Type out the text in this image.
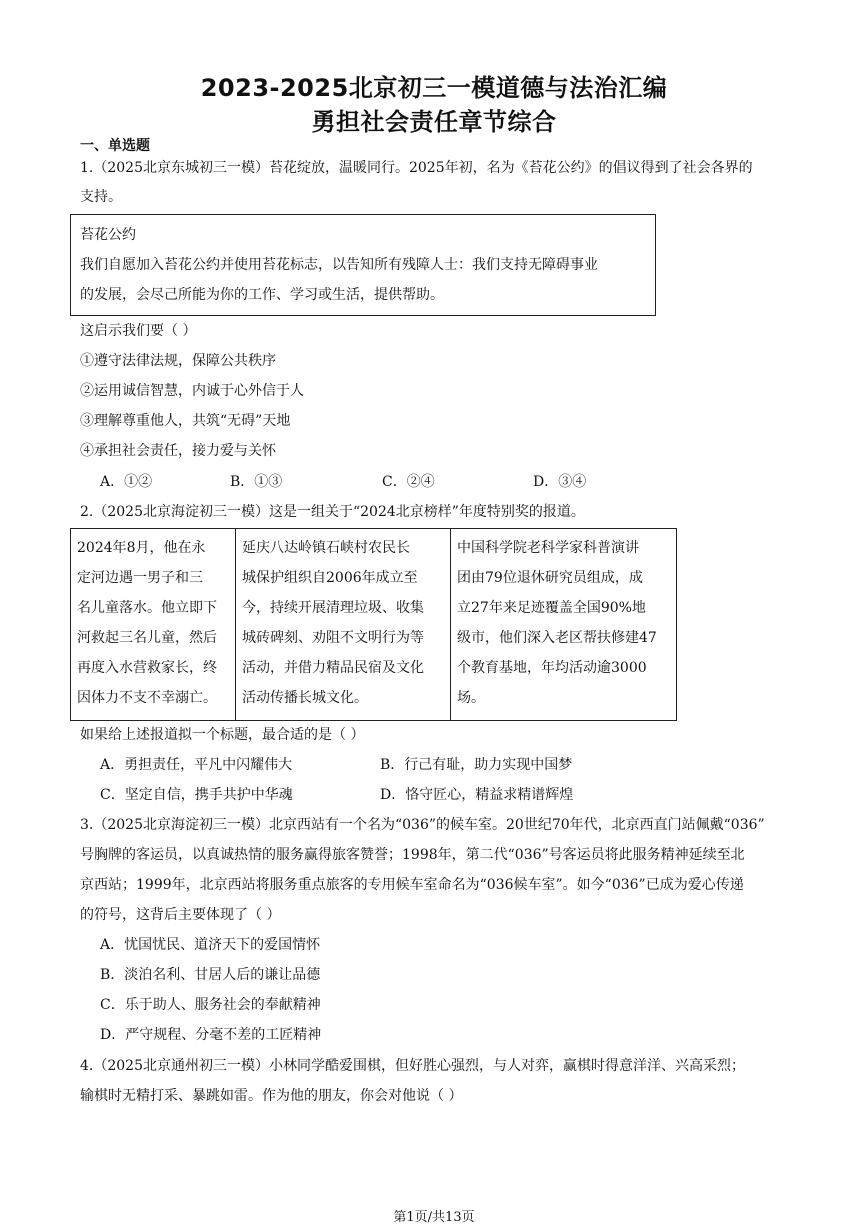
2023-2025北京初三一模道德与法治汇编
勇担社会责任章节综合
一、单选题
1.（2025北京东城初三一模）苔花绽放，温暖同行。2025年初，名为《苔花公约》的倡议得到了社会各界的
支持。
苔花公约
我们自愿加入苔花公约并使用苔花标志，以告知所有残障人士：我们支持无障碍事业
的发展，会尽己所能为你的工作、学习或生活，提供帮助。
这启示我们要（ ）
①遵守法律法规，保障公共秩序
②运用诚信智慧，内诚于心外信于人
③理解尊重他人，共筑“无碍”天地
④承担社会责任，接力爱与关怀
A．①②	B．①③	C．②④	D．③④
2.（2025北京海淀初三一模）这是一组关于“2024北京榜样”年度特别奖的报道。
2024年8月，他在永
定河边遇一男子和三
名儿童落水。他立即下
河救起三名儿童，然后
再度入水营救家长，终
因体力不支不幸溺亡。

延庆八达岭镇石峡村农民长
城保护组织自2006年成立至
今，持续开展清理垃圾、收集
城砖碑刻、劝阻不文明行为等
活动，并借力精品民宿及文化
活动传播长城文化。

中国科学院老科学家科普演讲
团由79位退休研究员组成，成
立27年来足迹覆盖全国90%地
级市，他们深入老区帮扶修建47
个教育基地，年均活动逾3000
场。
如果给上述报道拟一个标题，最合适的是（ ）
A．勇担责任，平凡中闪耀伟大	B．行己有耻，助力实现中国梦
C．坚定自信，携手共护中华魂	D．恪守匠心，精益求精谱辉煌
3.（2025北京海淀初三一模）北京西站有一个名为“036”的候车室。20世纪70年代，北京西直门站佩戴“036”
号胸牌的客运员，以真诚热情的服务赢得旅客赞誉；1998年，第二代“036”号客运员将此服务精神延续至北
京西站；1999年，北京西站将服务重点旅客的专用候车室命名为“036候车室”。如今“036”已成为爱心传递
的符号，这背后主要体现了（ ）
A．忧国忧民、道济天下的爱国情怀
B．淡泊名利、甘居人后的谦让品德
C．乐于助人、服务社会的奉献精神
D．严守规程、分毫不差的工匠精神
4.（2025北京通州初三一模）小林同学酷爱围棋，但好胜心强烈，与人对弈，赢棋时得意洋洋、兴高采烈；
输棋时无精打采、暴跳如雷。作为他的朋友，你会对他说（ ）
第1页/共13页
